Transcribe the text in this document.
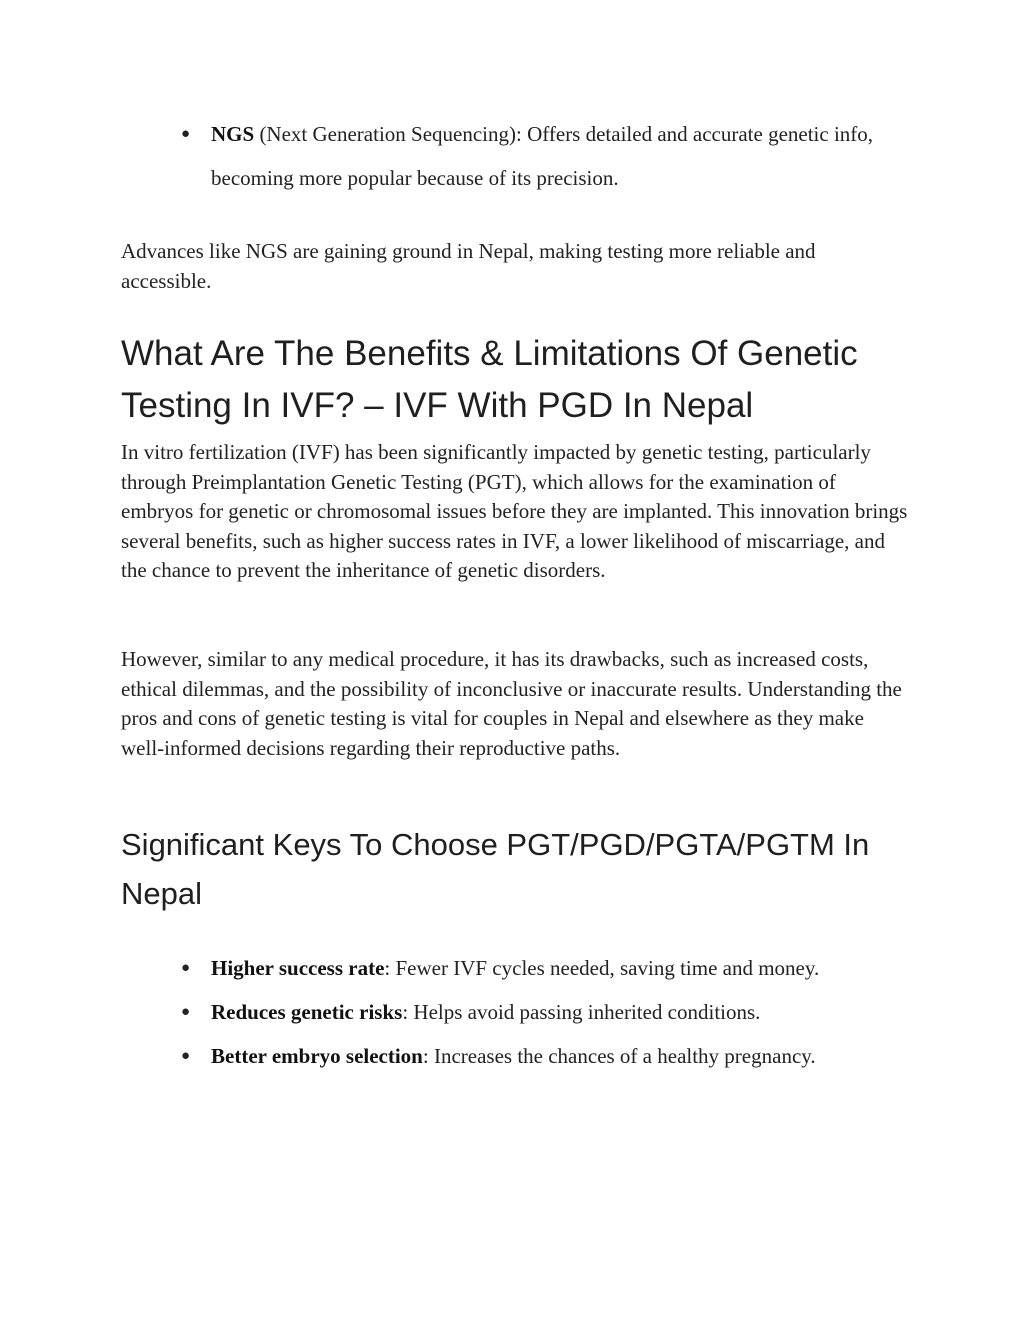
● NGS (Next Generation Sequencing): Offers detailed and accurate genetic info, becoming more popular because of its precision.

Advances like NGS are gaining ground in Nepal, making testing more reliable and accessible.

What Are The Benefits & Limitations Of Genetic Testing In IVF? – IVF With PGD In Nepal

In vitro fertilization (IVF) has been significantly impacted by genetic testing, particularly through Preimplantation Genetic Testing (PGT), which allows for the examination of embryos for genetic or chromosomal issues before they are implanted. This innovation brings several benefits, such as higher success rates in IVF, a lower likelihood of miscarriage, and the chance to prevent the inheritance of genetic disorders.

However, similar to any medical procedure, it has its drawbacks, such as increased costs, ethical dilemmas, and the possibility of inconclusive or inaccurate results. Understanding the pros and cons of genetic testing is vital for couples in Nepal and elsewhere as they make well-informed decisions regarding their reproductive paths.

Significant Keys To Choose PGT/PGD/PGTA/PGTM In Nepal
● Higher success rate: Fewer IVF cycles needed, saving time and money.
● Reduces genetic risks: Helps avoid passing inherited conditions.
● Better embryo selection: Increases the chances of a healthy pregnancy.
